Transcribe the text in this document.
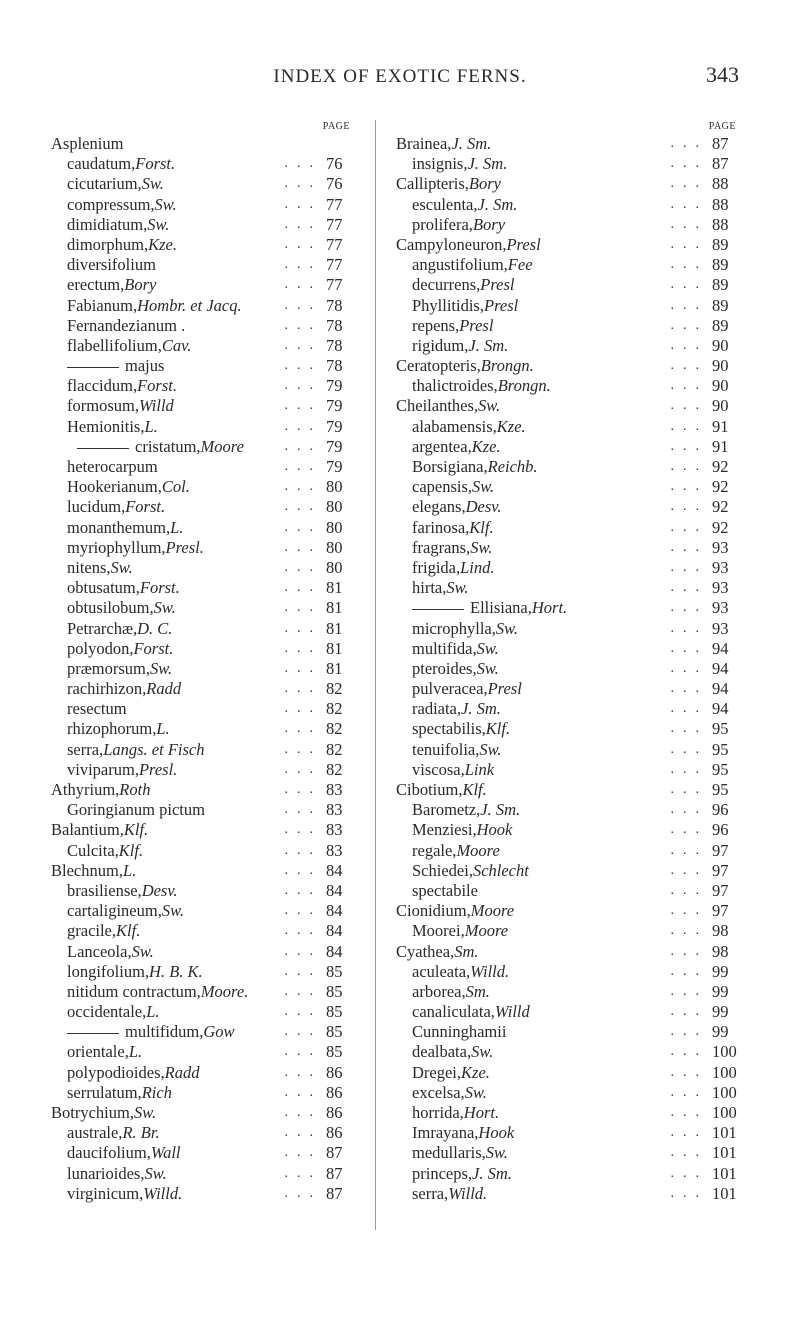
INDEX OF EXOTIC FERNS.	343
PAGE
Asplenium
caudatum,Forst.	... 76
cicutarium,Sw.	... 76
compressum,Sw.	... 77
dimidiatum,Sw.	... 77
dimorphum,Kze.	... 77
diversifolium	... 77
erectum,Bory	... 77
Fabianum,Hombr. et Jacq.	... 78
Fernandezianum .	... 78
flabellifolium,Cav.	... 78
majus	... 78
flaccidum,Forst.	... 79
formosum,Willd	... 79
Hemionitis,L.	... 79
cristatum,Moore	... 79
heterocarpum	... 79
Hookerianum,Col.	... 80
lucidum,Forst.	... 80
monanthemum,L.	... 80
myriophyllum,Presl.	... 80
nitens,Sw.	... 80
obtusatum,Forst.	... 81
obtusilobum,Sw.	... 81
Petrarchæ,D. C.	... 81
polyodon,Forst.	... 81
præmorsum,Sw.	... 81
rachirhizon,Radd	... 82
resectum	... 82
rhizophorum,L.	... 82
serra,Langs. et Fisch	... 82
viviparum,Presl.	... 82
Athyrium,Roth	... 83
Goringianum pictum	... 83
Balantium,Klf.	... 83
Culcita,Klf.	... 83
Blechnum,L.	... 84
brasiliense,Desv.	... 84
cartaligineum,Sw.	... 84
gracile,Klf.	... 84
Lanceola,Sw.	... 84
longifolium,H. B. K.	... 85
nitidum contractum,Moore.	... 85
occidentale,L.	... 85
multifidum,Gow	... 85
orientale,L.	... 85
polypodioides,Radd	... 86
serrulatum,Rich	... 86
Botrychium,Sw.	... 86
australe,R. Br.	... 86
daucifolium,Wall	... 87
lunarioides,Sw.	... 87
virginicum,Willd.	... 87
PAGE
Brainea,J. Sm.	... 87
insignis,J. Sm.	... 87
Callipteris,Bory	... 88
esculenta,J. Sm.	... 88
prolifera,Bory	... 88
Campyloneuron,Presl	... 89
angustifolium,Fee	... 89
decurrens,Presl	... 89
Phyllitidis,Presl	... 89
repens,Presl	... 89
rigidum,J. Sm.	... 90
Ceratopteris,Brongn.	... 90
thalictroides,Brongn.	... 90
Cheilanthes,Sw.	... 90
alabamensis,Kze.	... 91
argentea,Kze.	... 91
Borsigiana,Reichb.	... 92
capensis,Sw.	... 92
elegans,Desv.	... 92
farinosa,Klf.	... 92
fragrans,Sw.	... 93
frigida,Lind.	... 93
hirta,Sw.	... 93
Ellisiana,Hort.	... 93
microphylla,Sw.	... 93
multifida,Sw.	... 94
pteroides,Sw.	... 94
pulveracea,Presl	... 94
radiata,J. Sm.	... 94
spectabilis,Klf.	... 95
tenuifolia,Sw.	... 95
viscosa,Link	... 95
Cibotium,Klf.	... 95
Barometz,J. Sm.	... 96
Menziesi,Hook	... 96
regale,Moore	... 97
Schiedei,Schlecht	... 97
spectabile	... 97
Cionidium,Moore	... 97
Moorei,Moore	... 98
Cyathea,Sm.	... 98
aculeata,Willd.	... 99
arborea,Sm.	... 99
canaliculata,Willd	... 99
Cunninghamii	... 99
dealbata,Sw.	... 100
Dregei,Kze.	... 100
excelsa,Sw.	... 100
horrida,Hort.	... 100
Imrayana,Hook	... 101
medullaris,Sw.	... 101
princeps,J. Sm.	... 101
serra,Willd.	... 101
